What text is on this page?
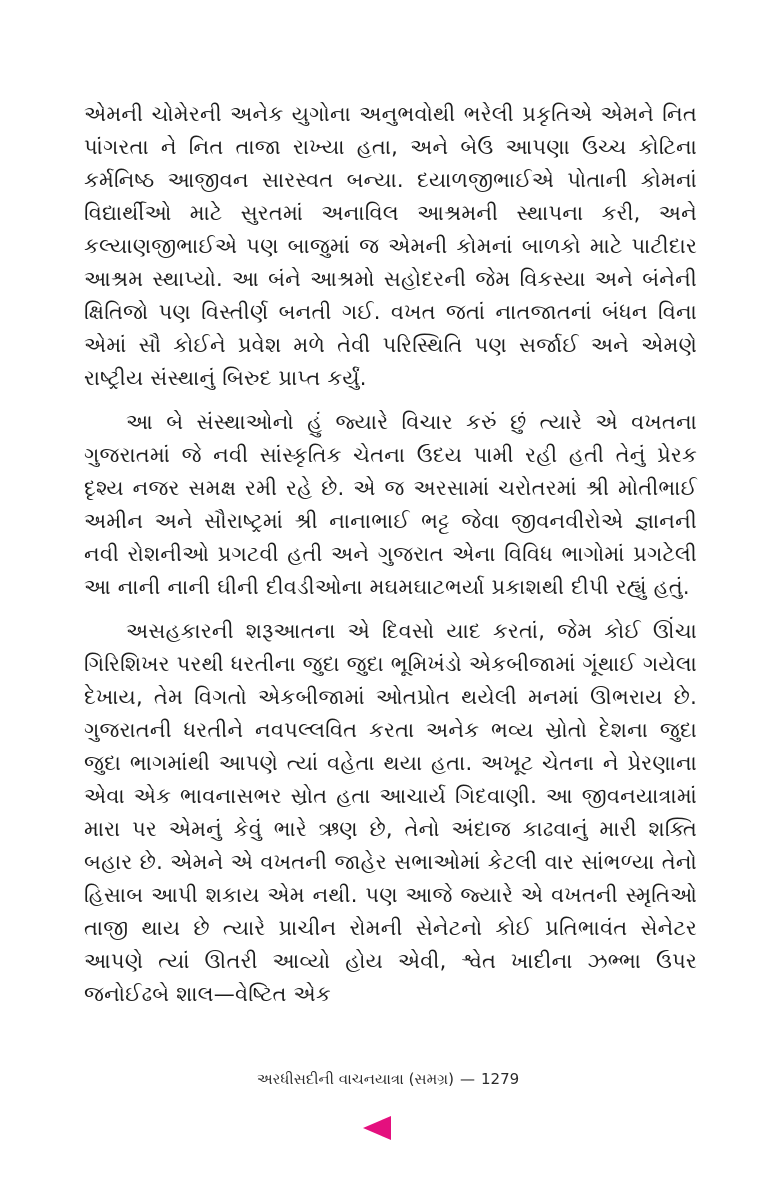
એમની ચોમેરની અનેક યુગોના અનુભવોથી ભરેલી પ્રકૃતિએ એમને નિત પાંગરતા ને નિત તાજા રાખ્યા હતા, અને બેઉ આપણા ઉચ્ચ કોટિના કર્મનિષ્ઠ આજીવન સારસ્વત બન્યા. દયાળજીભાઈએ પોતાની કોમનાં વિદ્યાર્થીઓ માટે સુરતમાં અનાવિલ આશ્રમની સ્થાપના કરી, અને કલ્યાણજીભાઈએ પણ બાજુમાં જ એમની કોમનાં બાળકો માટે પાટીદાર આશ્રમ સ્થાપ્યો. આ બંને આશ્રમો સહોદરની જેમ વિકસ્યા અને બંનેની ક્ષિતિજો પણ વિસ્તીર્ણ બનતી ગઈ. વખત જતાં નાતજાતનાં બંધન વિના એમાં સૌ કોઈને પ્રવેશ મળે તેવી પરિસ્થિતિ પણ સર્જાઈ અને એમણે રાષ્ટ્રીય સંસ્થાનું બિરુદ પ્રાપ્ત કર્યું.

આ બે સંસ્થાઓનો હું જ્યારે વિચાર કરું છું ત્યારે એ વખતના ગુજરાતમાં જે નવી સાંસ્કૃતિક ચેતના ઉદય પામી રહી હતી તેનું પ્રેરક દૃશ્ય નજર સમક્ષ રમી રહે છે. એ જ અરસામાં ચરોતરમાં શ્રી મોતીભાઈ અમીન અને સૌરાષ્ટ્રમાં શ્રી નાનાભાઈ ભટ્ટ જેવા જીવનવીરોએ જ્ઞાનની નવી રોશનીઓ પ્રગટવી હતી અને ગુજરાત એના વિવિધ ભાગોમાં પ્રગટેલી આ નાની નાની ઘીની દીવડીઓના મઘમઘાટભર્યા પ્રકાશથી દીપી રહ્યું હતું.

અસહકારની શરૂઆતના એ દિવસો યાદ કરતાં, જેમ કોઈ ઊંચા ગિરિશિખર પરથી ધરતીના જુદા જુદા ભૂમિખંડો એકબીજામાં ગૂંથાઈ ગયેલા દેખાય, તેમ વિગતો એકબીજામાં ઓતપ્રોત થયેલી મનમાં ઊભરાય છે. ગુજરાતની ધરતીને નવપલ્લવિત કરતા અનેક ભવ્ય સ્રોતો દેશના જુદા જુદા ભાગમાંથી આપણે ત્યાં વહેતા થયા હતા. અખૂટ ચેતના ને પ્રેરણાના એવા એક ભાવનાસભર સ્રોત હતા આચાર્ય ગિદવાણી. આ જીવનયાત્રામાં મારા પર એમનું કેવું ભારે ઋણ છે, તેનો અંદાજ કાઢવાનું મારી શક્તિ બહાર છે. એમને એ વખતની જાહેર સભાઓમાં કેટલી વાર સાંભળ્યા તેનો હિસાબ આપી શકાય એમ નથી. પણ આજે જ્યારે એ વખતની સ્મૃતિઓ તાજી થાય છે ત્યારે પ્રાચીન રોમની સેનેટનો કોઈ પ્રતિભાવંત સેનેટર આપણે ત્યાં ઊતરી આવ્યો હોય એવી, શ્વેત ખાદીના ઝભ્ભા ઉપર જનોઈઢબે શાલ—વેષ્ટિત એક

અરધીસદીની વાચનયાત્રા (સમગ્ર) — 1279
